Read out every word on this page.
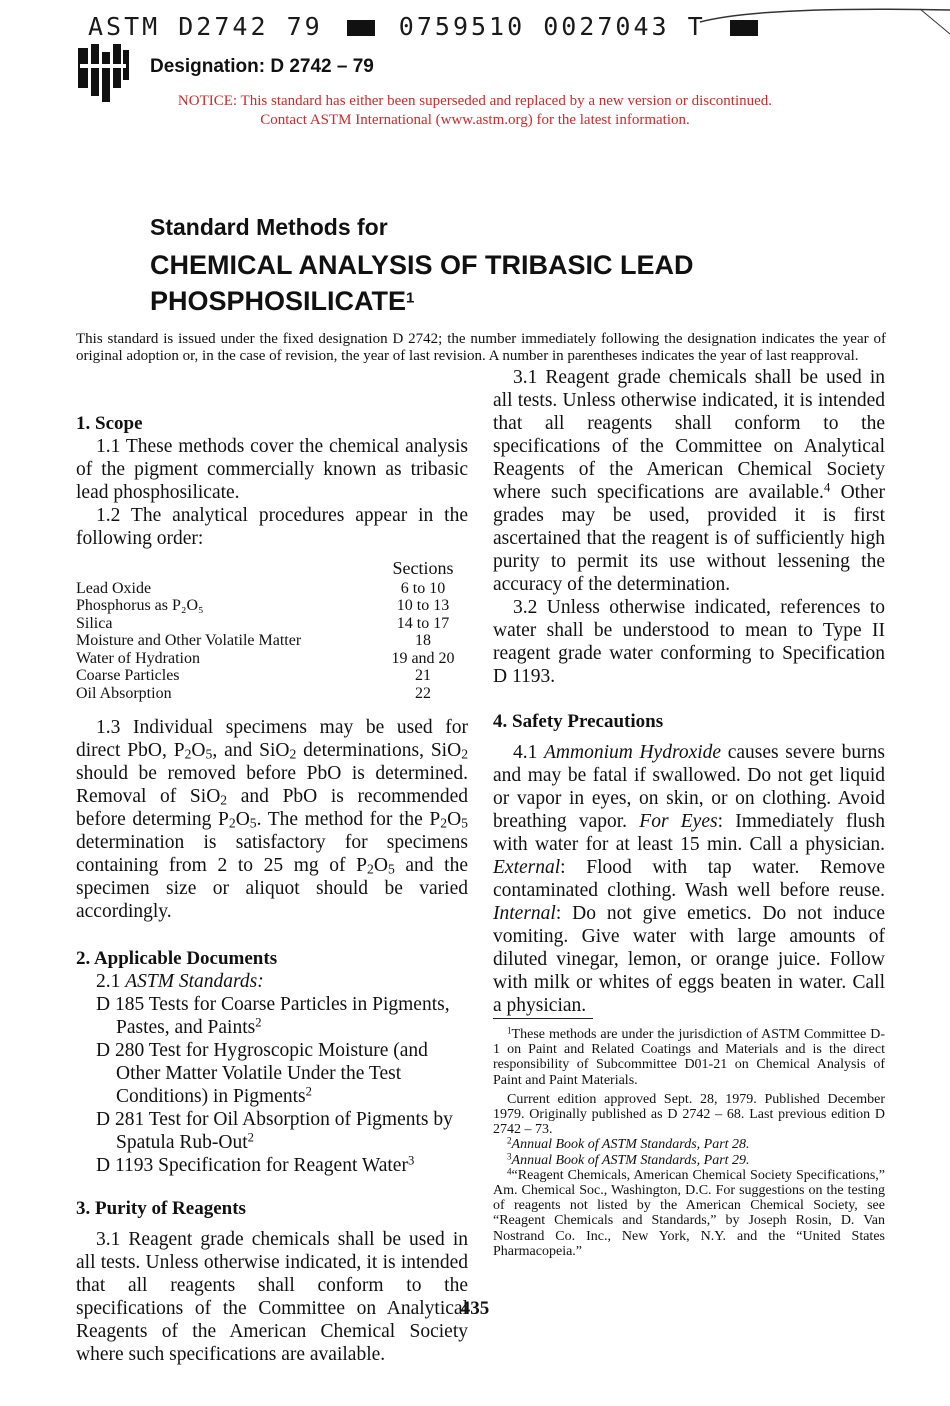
ASTM D2742 79	0759510 0027043 T
Designation: D 2742 – 79
NOTICE: This standard has either been superseded and replaced by a new version or discontinued.
Contact ASTM International (www.astm.org) for the latest information.
Standard Methods for
CHEMICAL ANALYSIS OF TRIBASIC LEAD PHOSPHOSILICATE$^1$
This standard is issued under the fixed designation D 2742; the number immediately following the designation indicates the year of original adoption or, in the case of revision, the year of last revision. A number in parentheses indicates the year of last reapproval.
1. Scope

1.1 These methods cover the chemical analysis of the pigment commercially known as tribasic lead phosphosilicate.

1.2 The analytical procedures appear in the following order:

Sections
Lead Oxide	6 to 10
Phosphorus as P₂O₅	10 to 13
Silica	14 to 17
Moisture and Other Volatile Matter	18
Water of Hydration	19 and 20
Coarse Particles	21
Oil Absorption	22

1.3 Individual specimens may be used for direct PbO, $P_2O_5$, and SiO$_2$ determinations, SiO$_2$ should be removed before PbO is determined. Removal of SiO$_2$ and PbO is recommended before determing $P_2O_5$. The method for the $P_2O_5$ determination is satisfactory for specimens containing from 2 to 25 mg of $P_2O_5$ and the specimen size or aliquot should be varied accordingly.

2. Applicable Documents

2.1 ASTM Standards:

D 185 Tests for Coarse Particles in Pigments, Pastes, and Paints$^2$

D 280 Test for Hygroscopic Moisture (and Other Matter Volatile Under the Test Conditions) in Pigments$^2$

D 281 Test for Oil Absorption of Pigments by Spatula Rub-Out$^2$

D 1193 Specification for Reagent Water$^3$

3. Purity of Reagents

3.1 Reagent grade chemicals shall be used in all tests. Unless otherwise indicated, it is intended that all reagents shall conform to the specifications of the Committee on Analytical Reagents of the American Chemical Society where such specifications are available.

3.1 Reagent grade chemicals shall be used in all tests. Unless otherwise indicated, it is intended that all reagents shall conform to the specifications of the Committee on Analytical Reagents of the American Chemical Society where such specifications are available.$^4$ Other grades may be used, provided it is first ascertained that the reagent is of sufficiently high purity to permit its use without lessening the accuracy of the determination.

3.2 Unless otherwise indicated, references to water shall be understood to mean to Type II reagent grade water conforming to Specification D 1193.

4. Safety Precautions

4.1 Ammonium Hydroxide causes severe burns and may be fatal if swallowed. Do not get liquid or vapor in eyes, on skin, or on clothing. Avoid breathing vapor. For Eyes: Immediately flush with water for at least 15 min. Call a physician. External: Flood with tap water. Remove contaminated clothing. Wash well before reuse. Internal: Do not give emetics. Do not induce vomiting. Give water with large amounts of diluted vinegar, lemon, or orange juice. Follow with milk or whites of eggs beaten in water. Call a physician.

$^1$These methods are under the jurisdiction of ASTM Committee D-1 on Paint and Related Coatings and Materials and is the direct responsibility of Subcommittee D01-21 on Chemical Analysis of Paint and Paint Materials.

Current edition approved Sept. 28, 1979. Published December 1979. Originally published as D 2742 – 68. Last previous edition D 2742 – 73.

$^2$Annual Book of ASTM Standards, Part 28.

$^3$Annual Book of ASTM Standards, Part 29.

$^4$“Reagent Chemicals, American Chemical Society Specifications,” Am. Chemical Soc., Washington, D.C. For suggestions on the testing of reagents not listed by the American Chemical Society, see “Reagent Chemicals and Standards,” by Joseph Rosin, D. Van Nostrand Co. Inc., New York, N.Y. and the “United States Pharmacopeia.”

435
